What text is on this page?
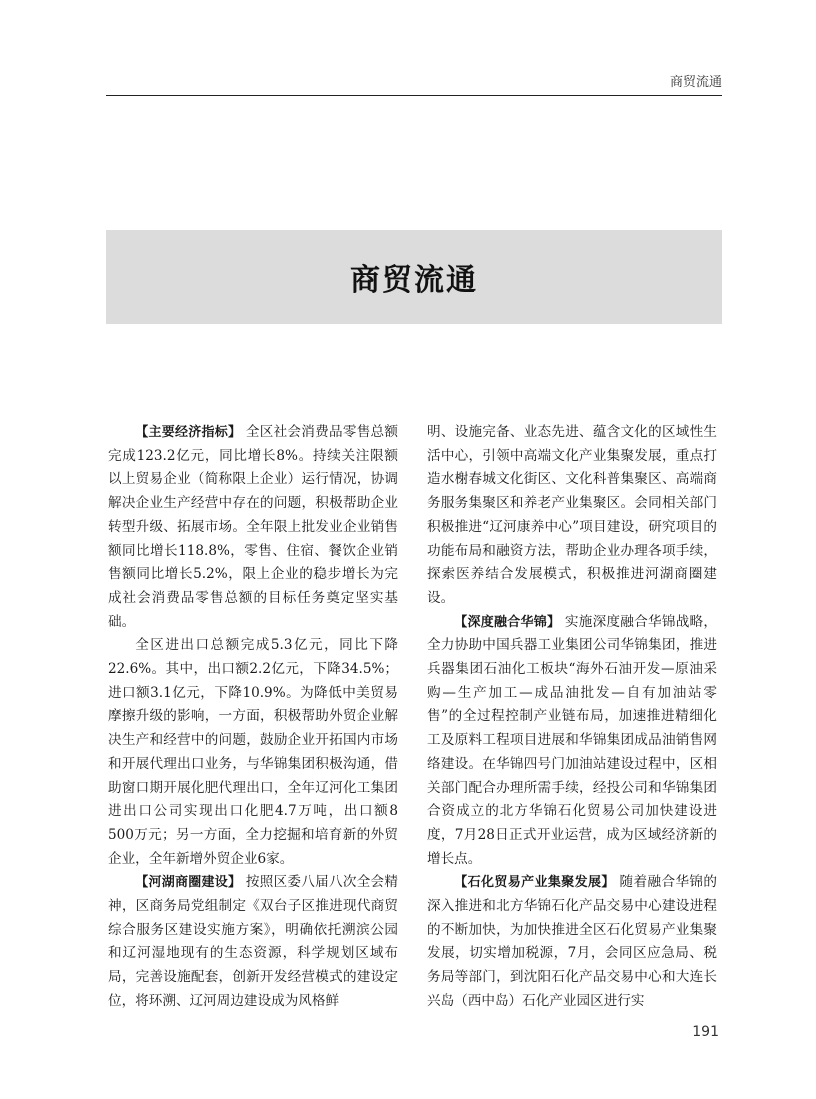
商贸流通
商贸流通

【主要经济指标】 全区社会消费品零售总额完成123.2亿元，同比增长8%。持续关注限额以上贸易企业（简称限上企业）运行情况，协调解决企业生产经营中存在的问题，积极帮助企业转型升级、拓展市场。全年限上批发业企业销售额同比增长118.8%，零售、住宿、餐饮企业销售额同比增长5.2%，限上企业的稳步增长为完成社会消费品零售总额的目标任务奠定坚实基础。

全区进出口总额完成5.3亿元，同比下降22.6%。其中，出口额2.2亿元，下降34.5%；进口额3.1亿元，下降10.9%。为降低中美贸易摩擦升级的影响，一方面，积极帮助外贸企业解决生产和经营中的问题，鼓励企业开拓国内市场和开展代理出口业务，与华锦集团积极沟通，借助窗口期开展化肥代理出口，全年辽河化工集团进出口公司实现出口化肥4.7万吨，出口额8 500万元；另一方面，全力挖掘和培育新的外贸企业，全年新增外贸企业6家。

【河湖商圈建设】 按照区委八届八次全会精神，区商务局党组制定《双台子区推进现代商贸综合服务区建设实施方案》，明确依托溯滨公园和辽河湿地现有的生态资源，科学规划区域布局，完善设施配套，创新开发经营模式的建设定位，将环溯、辽河周边建设成为风格鲜

明、设施完备、业态先进、蕴含文化的区域性生活中心，引领中高端文化产业集聚发展，重点打造水榭春城文化街区、文化科普集聚区、高端商务服务集聚区和养老产业集聚区。会同相关部门积极推进“辽河康养中心”项目建设，研究项目的功能布局和融资方法，帮助企业办理各项手续，探索医养结合发展模式，积极推进河湖商圈建设。

【深度融合华锦】 实施深度融合华锦战略，全力协助中国兵器工业集团公司华锦集团，推进兵器集团石油化工板块“海外石油开发—原油采购—生产加工—成品油批发—自有加油站零售”的全过程控制产业链布局，加速推进精细化工及原料工程项目进展和华锦集团成品油销售网络建设。在华锦四号门加油站建设过程中，区相关部门配合办理所需手续，经投公司和华锦集团合资成立的北方华锦石化贸易公司加快建设进度，7月28日正式开业运营，成为区域经济新的增长点。

【石化贸易产业集聚发展】 随着融合华锦的深入推进和北方华锦石化产品交易中心建设进程的不断加快，为加快推进全区石化贸易产业集聚发展，切实增加税源，7月，会同区应急局、税务局等部门，到沈阳石化产品交易中心和大连长兴岛（西中岛）石化产业园区进行实

191
